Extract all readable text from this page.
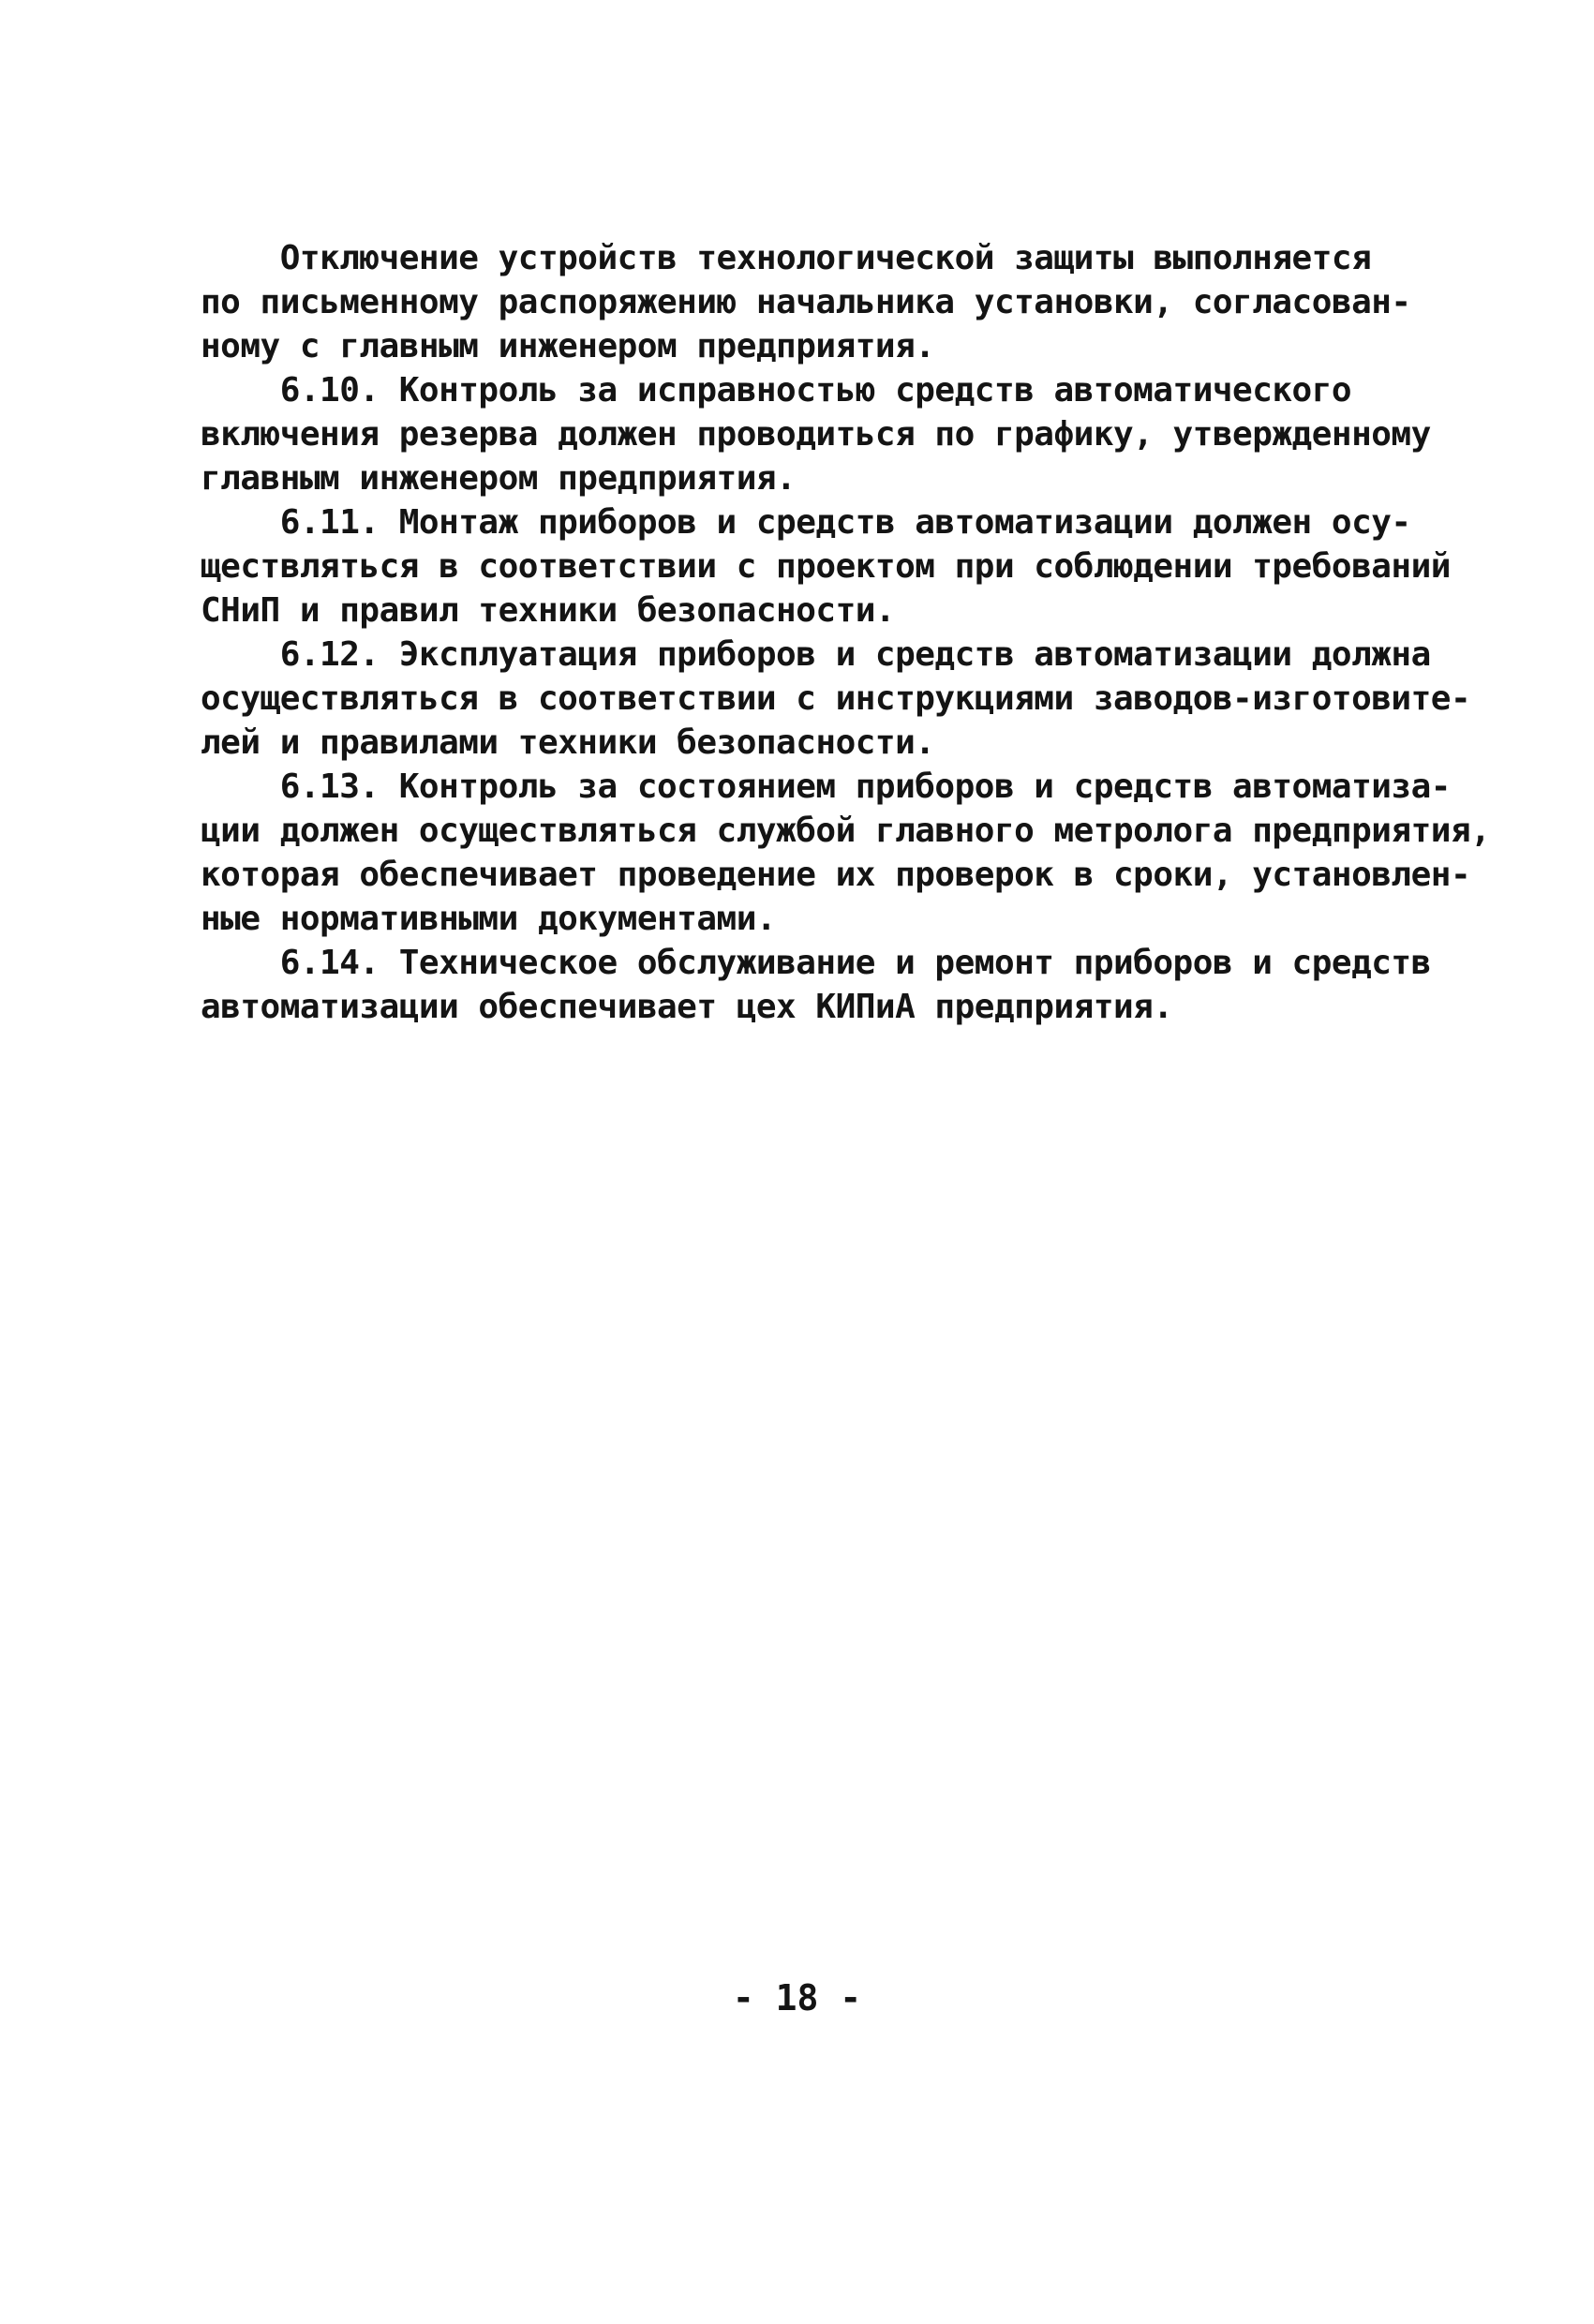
Отключение устройств технологической защиты выполняется
по письменному распоряжению начальника установки, согласован-
ному с главным инженером предприятия.
6.10. Контроль за исправностью средств автоматического
включения резерва должен проводиться по графику, утвержденному
главным инженером предприятия.
6.11. Монтаж приборов и средств автоматизации должен осу-
ществляться в соответствии с проектом при соблюдении требований
СНиП и правил техники безопасности.
6.12. Эксплуатация приборов и средств автоматизации должна
осуществляться в соответствии с инструкциями заводов-изготовите-
лей и правилами техники безопасности.
6.13. Контроль за состоянием приборов и средств автоматиза-
ции должен осуществляться службой главного метролога предприятия,
которая обеспечивает проведение их проверок в сроки, установлен-
ные нормативными документами.
6.14. Техническое обслуживание и ремонт приборов и средств
автоматизации обеспечивает цех КИПиА предприятия.
- 18 -
